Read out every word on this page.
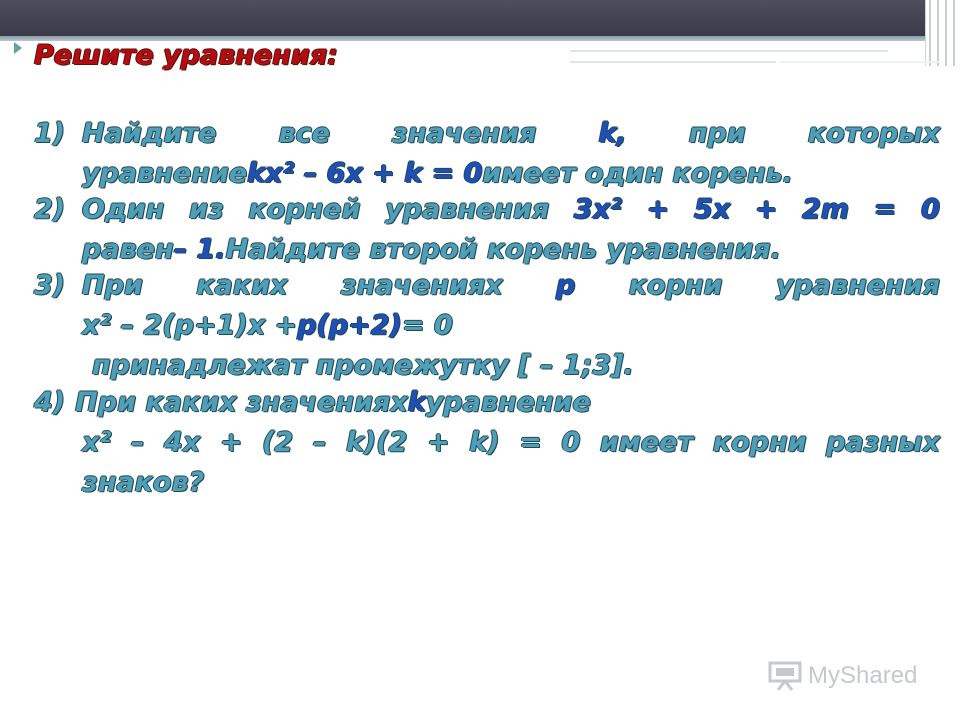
Решите уравнения:
1) Найдите все значения k, при которых
уравнение kx² – 6x + k = 0 имеет один корень.
2) Один из корней уравнения 3x² + 5x + 2m = 0
равен – 1. Найдите второй корень уравнения.
3) При каких значениях p корни уравнения
x² – 2(p+1)x + p(p+2) = 0
принадлежат промежутку [ – 1;3].
4) При каких значениях k уравнение
x² – 4x + (2 – k)(2 + k) = 0 имеет корни разных
знаков?
MyShared
